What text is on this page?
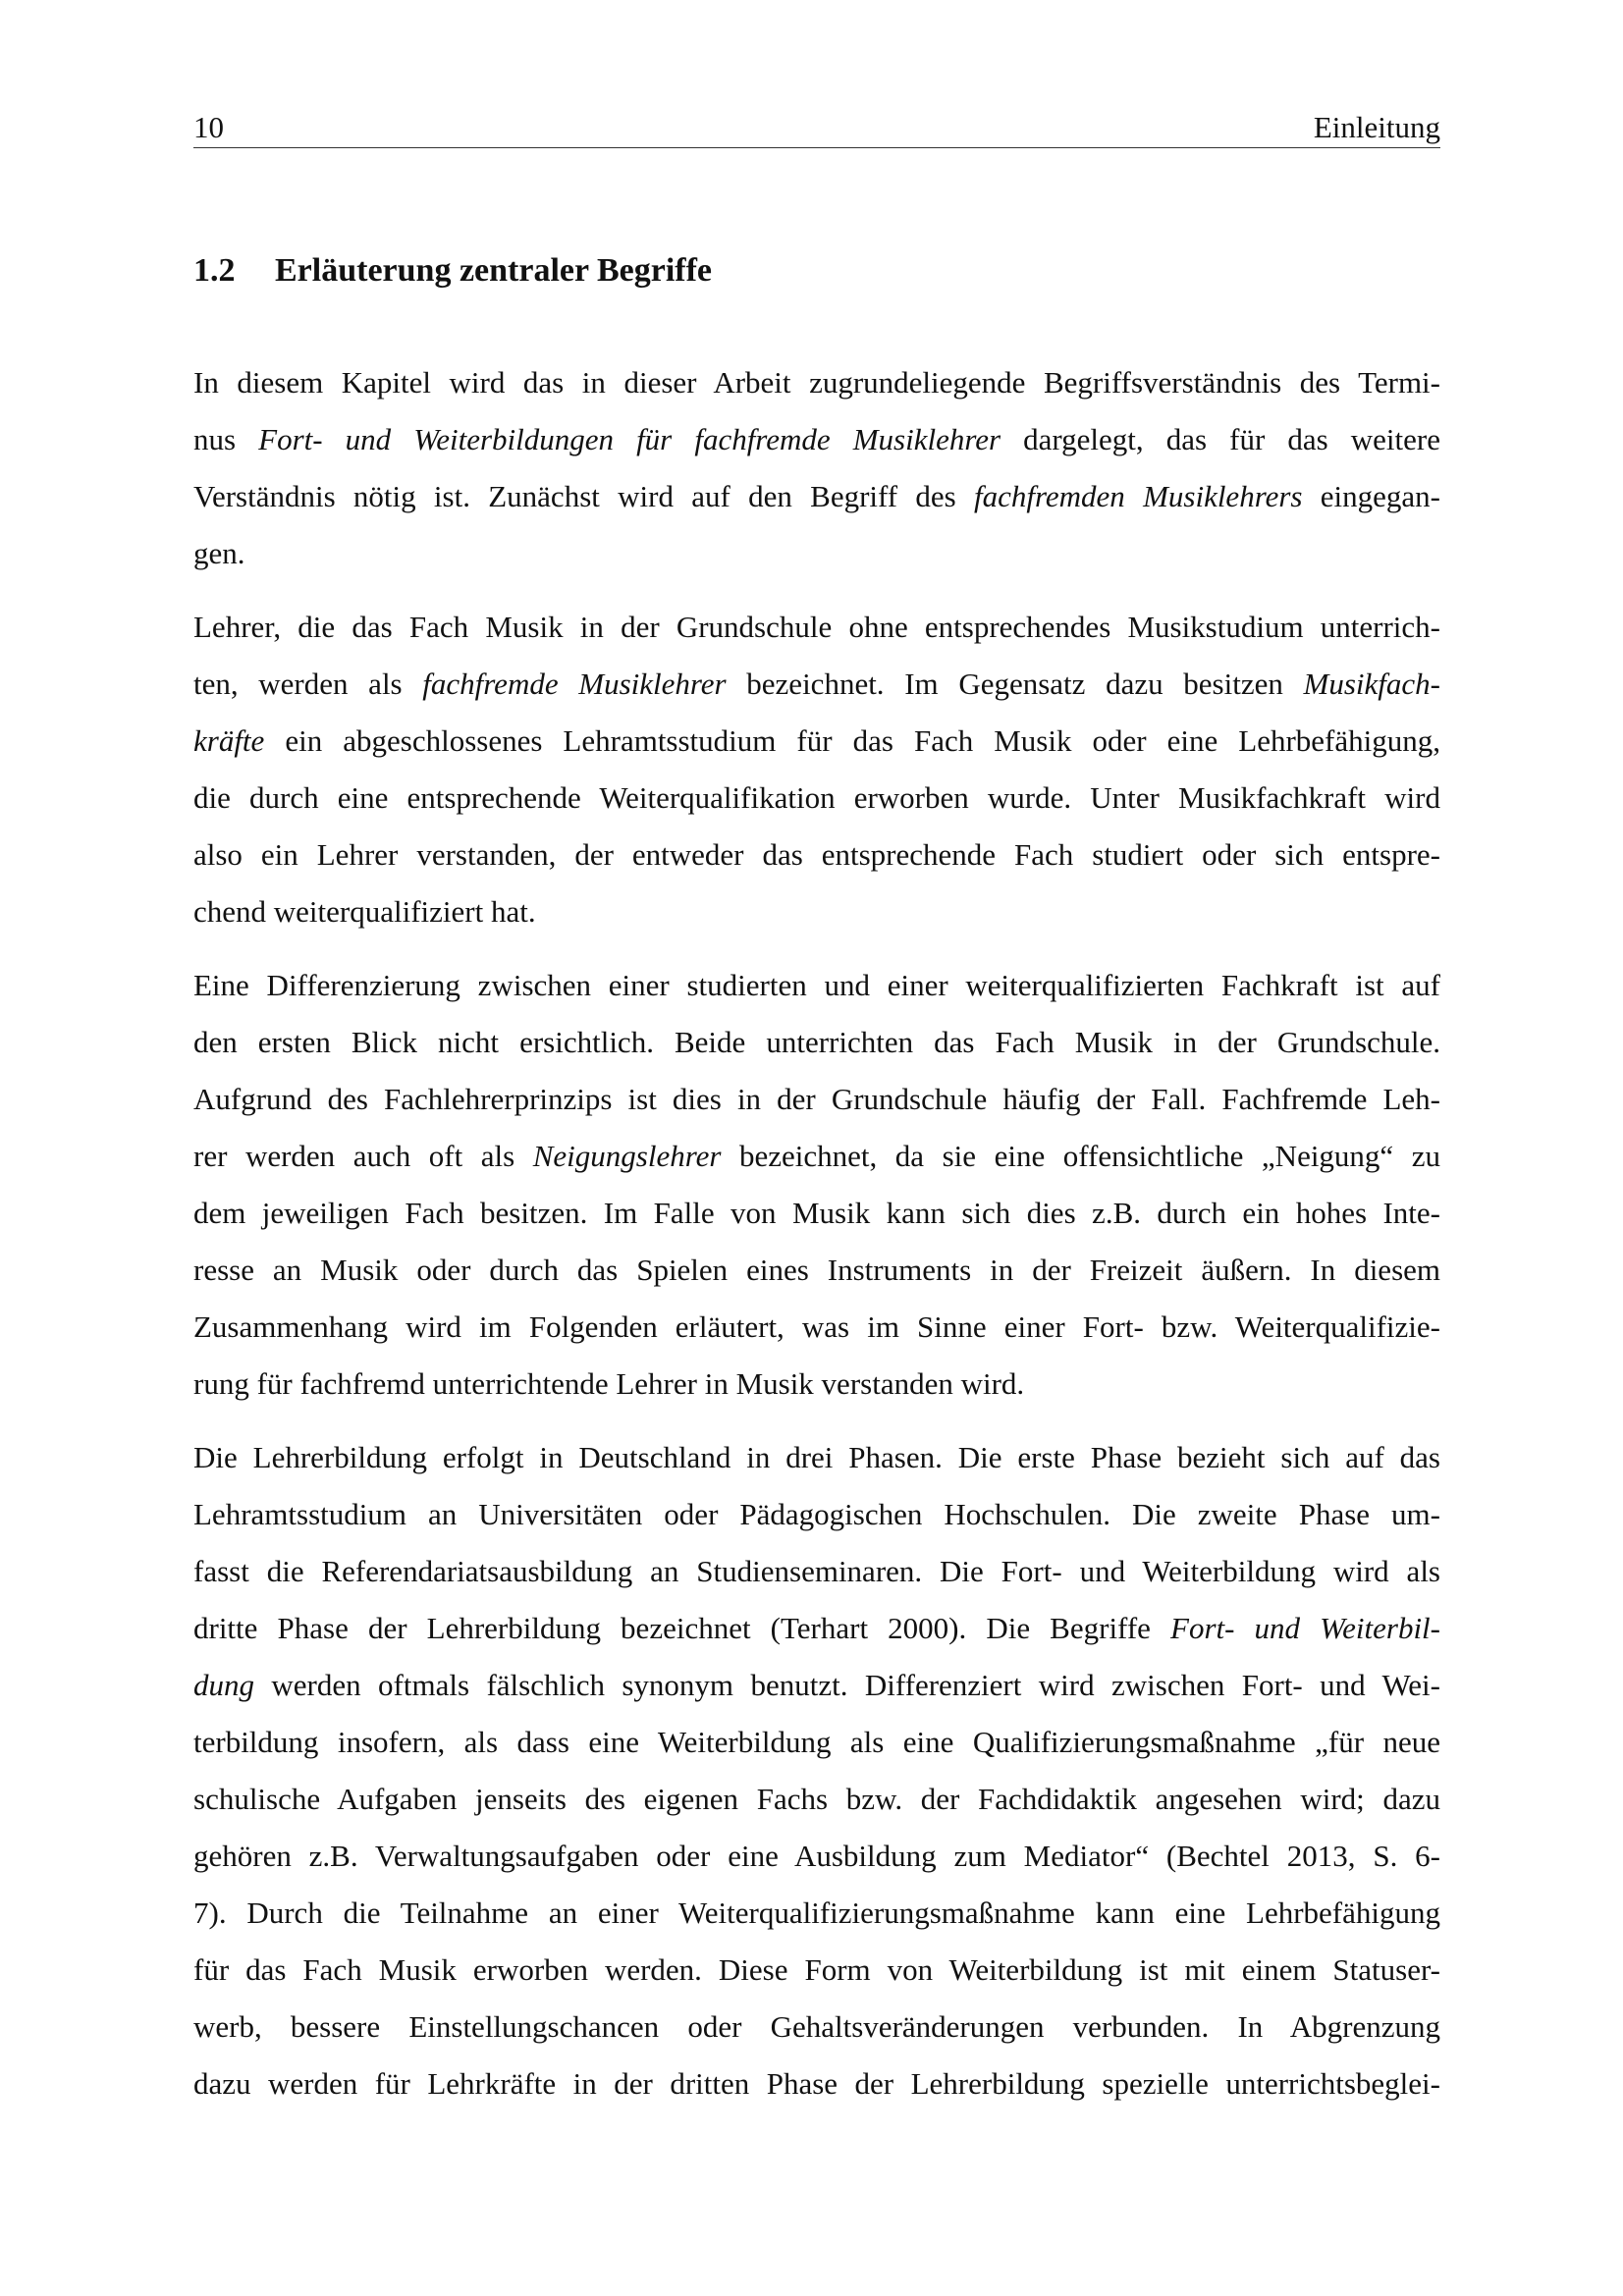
10	Einleitung
1.2 Erläuterung zentraler Begriffe
In diesem Kapitel wird das in dieser Arbeit zugrundeliegende Begriffsverständnis des Termi-
nus Fort- und Weiterbildungen für fachfremde Musiklehrer dargelegt, das für das weitere
Verständnis nötig ist. Zunächst wird auf den Begriff des fachfremden Musiklehrers eingegan-
gen.
Lehrer, die das Fach Musik in der Grundschule ohne entsprechendes Musikstudium unterrich-
ten, werden als fachfremde Musiklehrer bezeichnet. Im Gegensatz dazu besitzen Musikfach-
kräfte ein abgeschlossenes Lehramtsstudium für das Fach Musik oder eine Lehrbefähigung,
die durch eine entsprechende Weiterqualifikation erworben wurde. Unter Musikfachkraft wird
also ein Lehrer verstanden, der entweder das entsprechende Fach studiert oder sich entspre-
chend weiterqualifiziert hat.
Eine Differenzierung zwischen einer studierten und einer weiterqualifizierten Fachkraft ist auf
den ersten Blick nicht ersichtlich. Beide unterrichten das Fach Musik in der Grundschule.
Aufgrund des Fachlehrerprinzips ist dies in der Grundschule häufig der Fall. Fachfremde Leh-
rer werden auch oft als Neigungslehrer bezeichnet, da sie eine offensichtliche „Neigung“ zu
dem jeweiligen Fach besitzen. Im Falle von Musik kann sich dies z.B. durch ein hohes Inte-
resse an Musik oder durch das Spielen eines Instruments in der Freizeit äußern. In diesem
Zusammenhang wird im Folgenden erläutert, was im Sinne einer Fort- bzw. Weiterqualifizie-
rung für fachfremd unterrichtende Lehrer in Musik verstanden wird.
Die Lehrerbildung erfolgt in Deutschland in drei Phasen. Die erste Phase bezieht sich auf das
Lehramtsstudium an Universitäten oder Pädagogischen Hochschulen. Die zweite Phase um-
fasst die Referendariatsausbildung an Studienseminaren. Die Fort- und Weiterbildung wird als
dritte Phase der Lehrerbildung bezeichnet (Terhart 2000). Die Begriffe Fort- und Weiterbil-
dung werden oftmals fälschlich synonym benutzt. Differenziert wird zwischen Fort- und Wei-
terbildung insofern, als dass eine Weiterbildung als eine Qualifizierungsmaßnahme „für neue
schulische Aufgaben jenseits des eigenen Fachs bzw. der Fachdidaktik angesehen wird; dazu
gehören z.B. Verwaltungsaufgaben oder eine Ausbildung zum Mediator“ (Bechtel 2013, S. 6-
7). Durch die Teilnahme an einer Weiterqualifizierungsmaßnahme kann eine Lehrbefähigung
für das Fach Musik erworben werden. Diese Form von Weiterbildung ist mit einem Statuser-
werb, bessere Einstellungschancen oder Gehaltsveränderungen verbunden. In Abgrenzung
dazu werden für Lehrkräfte in der dritten Phase der Lehrerbildung spezielle unterrichtsbeglei-
